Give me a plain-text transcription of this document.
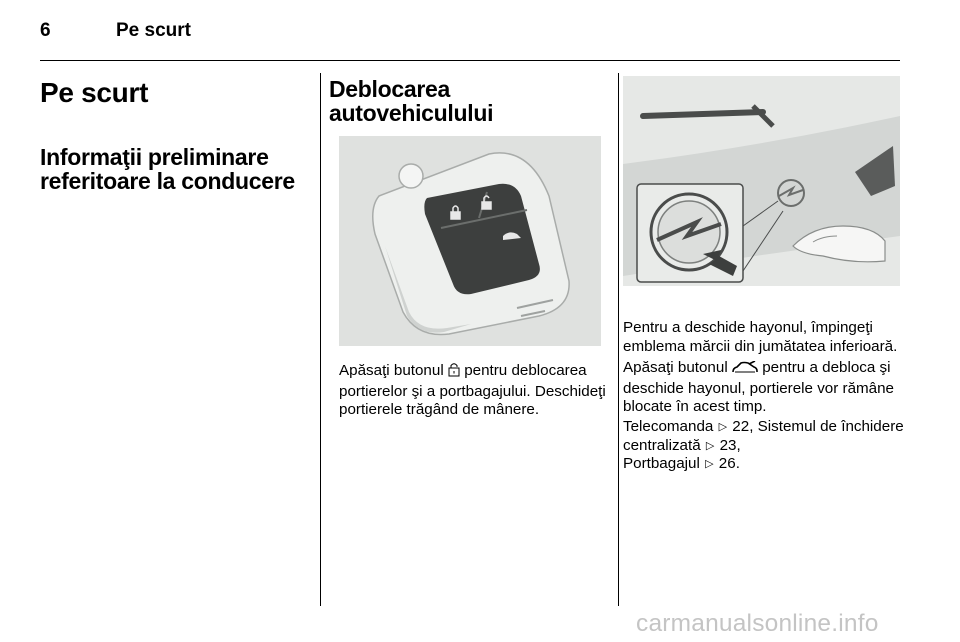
6	Pe scurt
Pe scurt
Informaţii preliminare referitoare la conducere
Deblocarea autovehiculului
Apăsaţi butonul pentru deblocarea portierelor şi a portbagajului. Deschideţi portierele trăgând de mânere.
Pentru a deschide hayonul, împingeţi emblema mărcii din jumătatea inferioară.
Apăsaţi butonul pentru a debloca şi deschide hayonul, portierele vor rămâne blocate în acest timp.
Telecomanda ▷ 22, Sistemul de închidere centralizată ▷ 23,
Portbagajul ▷ 26.
carmanualsonline.info
